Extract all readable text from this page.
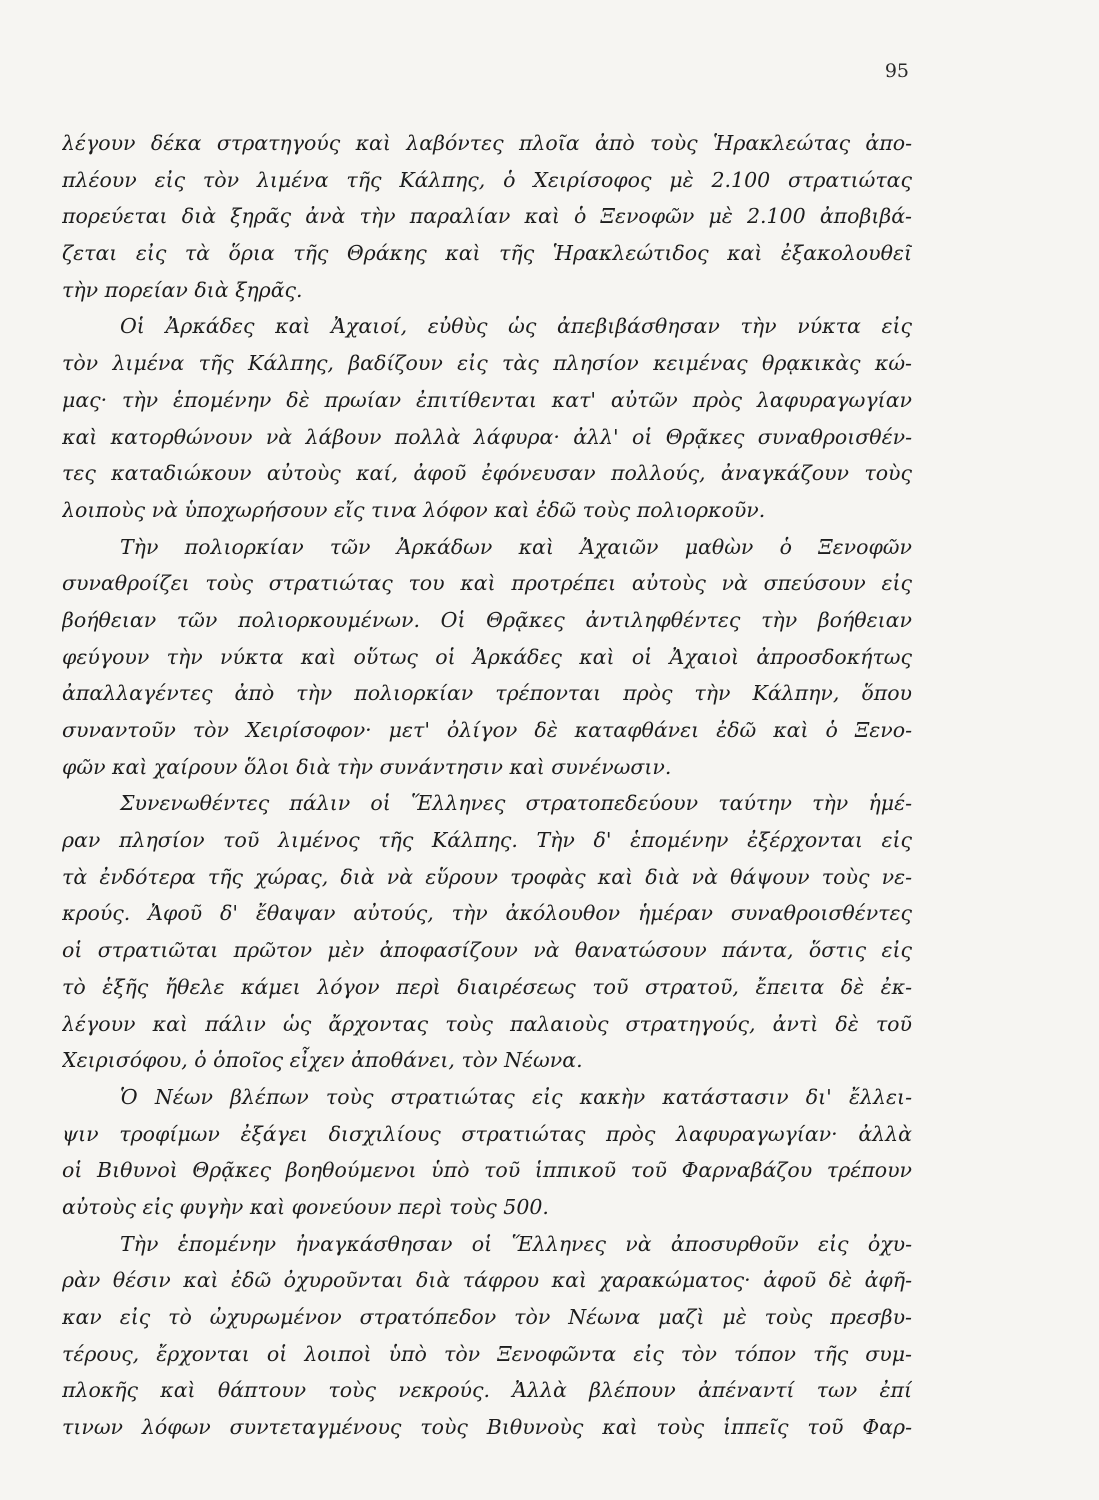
95
λέγουν δέκα στρατηγούς καὶ λαβόντες πλοῖα ἀπὸ τοὺς Ἡρακλεώτας ἀπο-
πλέουν εἰς τὸν λιμένα τῆς Κάλπης, ὁ Χειρίσοφος μὲ 2.100 στρατιώτας
πορεύεται διὰ ξηρᾶς ἀνὰ τὴν παραλίαν καὶ ὁ Ξενοφῶν μὲ 2.100 ἀποβιβά-
ζεται εἰς τὰ ὅρια τῆς Θράκης καὶ τῆς Ἡρακλεώτιδος καὶ ἐξακολουθεῖ
τὴν πορείαν διὰ ξηρᾶς.
Οἱ Ἀρκάδες καὶ Ἀχαιοί, εὐθὺς ὡς ἀπεβιβάσθησαν τὴν νύκτα εἰς
τὸν λιμένα τῆς Κάλπης, βαδίζουν εἰς τὰς πλησίον κειμένας θρᾳκικὰς κώ-
μας· τὴν ἑπομένην δὲ πρωίαν ἐπιτίθενται κατ' αὐτῶν πρὸς λαφυραγωγίαν
καὶ κατορθώνουν νὰ λάβουν πολλὰ λάφυρα· ἀλλ' οἱ Θρᾷκες συναθροισθέν-
τες καταδιώκουν αὐτοὺς καί, ἀφοῦ ἐφόνευσαν πολλούς, ἀναγκάζουν τοὺς
λοιποὺς νὰ ὑποχωρήσουν εἴς τινα λόφον καὶ ἐδῶ τοὺς πολιορκοῦν.
Τὴν πολιορκίαν τῶν Ἀρκάδων καὶ Ἀχαιῶν μαθὼν ὁ Ξενοφῶν
συναθροίζει τοὺς στρατιώτας του καὶ προτρέπει αὐτοὺς νὰ σπεύσουν εἰς
βοήθειαν τῶν πολιορκουμένων. Οἱ Θρᾷκες ἀντιληφθέντες τὴν βοήθειαν
φεύγουν τὴν νύκτα καὶ οὕτως οἱ Ἀρκάδες καὶ οἱ Ἀχαιοὶ ἀπροσδοκήτως
ἀπαλλαγέντες ἀπὸ τὴν πολιορκίαν τρέπονται πρὸς τὴν Κάλπην, ὅπου
συναντοῦν τὸν Χειρίσοφον· μετ' ὀλίγον δὲ καταφθάνει ἐδῶ καὶ ὁ Ξενο-
φῶν καὶ χαίρουν ὅλοι διὰ τὴν συνάντησιν καὶ συνένωσιν.
Συνενωθέντες πάλιν οἱ Ἕλληνες στρατοπεδεύουν ταύτην τὴν ἡμέ-
ραν πλησίον τοῦ λιμένος τῆς Κάλπης. Τὴν δ' ἑπομένην ἐξέρχονται εἰς
τὰ ἐνδότερα τῆς χώρας, διὰ νὰ εὕρουν τροφὰς καὶ διὰ νὰ θάψουν τοὺς νε-
κρούς. Ἀφοῦ δ' ἔθαψαν αὐτούς, τὴν ἀκόλουθον ἡμέραν συναθροισθέντες
οἱ στρατιῶται πρῶτον μὲν ἀποφασίζουν νὰ θανατώσουν πάντα, ὅστις εἰς
τὸ ἑξῆς ἤθελε κάμει λόγον περὶ διαιρέσεως τοῦ στρατοῦ, ἔπειτα δὲ ἐκ-
λέγουν καὶ πάλιν ὡς ἄρχοντας τοὺς παλαιοὺς στρατηγούς, ἀντὶ δὲ τοῦ
Χειρισόφου, ὁ ὁποῖος εἶχεν ἀποθάνει, τὸν Νέωνα.
Ὁ Νέων βλέπων τοὺς στρατιώτας εἰς κακὴν κατάστασιν δι' ἔλλει-
ψιν τροφίμων ἐξάγει δισχιλίους στρατιώτας πρὸς λαφυραγωγίαν· ἀλλὰ
οἱ Βιθυνοὶ Θρᾷκες βοηθούμενοι ὑπὸ τοῦ ἱππικοῦ τοῦ Φαρναβάζου τρέπουν
αὐτοὺς εἰς φυγὴν καὶ φονεύουν περὶ τοὺς 500.
Τὴν ἑπομένην ἠναγκάσθησαν οἱ Ἕλληνες νὰ ἀποσυρθοῦν εἰς ὀχυ-
ρὰν θέσιν καὶ ἐδῶ ὀχυροῦνται διὰ τάφρου καὶ χαρακώματος· ἀφοῦ δὲ ἀφῆ-
καν εἰς τὸ ὠχυρωμένον στρατόπεδον τὸν Νέωνα μαζὶ μὲ τοὺς πρεσβυ-
τέρους, ἔρχονται οἱ λοιποὶ ὑπὸ τὸν Ξενοφῶντα εἰς τὸν τόπον τῆς συμ-
πλοκῆς καὶ θάπτουν τοὺς νεκρούς. Ἀλλὰ βλέπουν ἀπέναντί των ἐπί
τινων λόφων συντεταγμένους τοὺς Βιθυνοὺς καὶ τοὺς ἱππεῖς τοῦ Φαρ-
